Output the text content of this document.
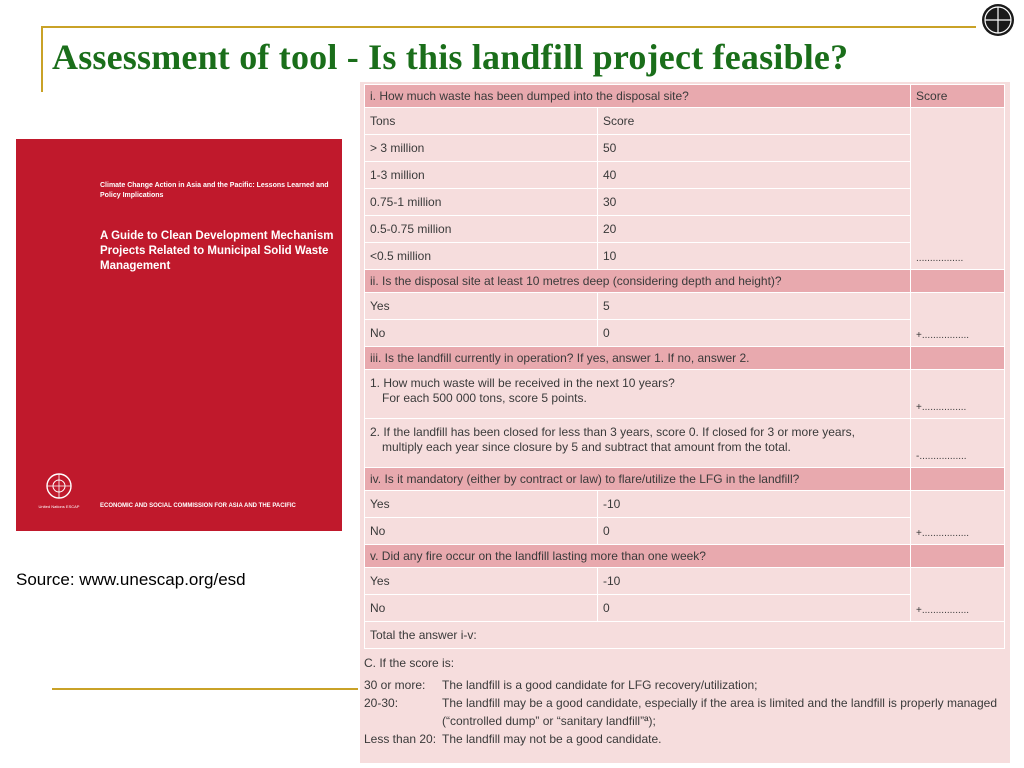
Assessment of tool - Is this landfill project feasible?
Climate Change Action in Asia and the Pacific: Lessons Learned and Policy Implications
A Guide to Clean Development Mechanism Projects Related to Municipal Solid Waste Management
United Nations ESCAP	ECONOMIC AND SOCIAL COMMISSION FOR ASIA AND THE PACIFIC
Source: www.unescap.org/esd
i. How much waste has been dumped into the disposal site?		Score
Tons	Score	.................
> 3 million	50	
1-3 million	40	
0.75-1 million	30	
0.5-0.75 million	20	
<0.5 million	10	
ii. Is the disposal site at least 10 metres deep (considering depth and height)?		
Yes	5	+.................
No	0	
iii. Is the landfill currently in operation? If yes, answer 1. If no, answer 2.		
1. How much waste will be received in the next 10 years?
For each 500 000 tons, score 5 points.		+................
2. If the landfill has been closed for less than 3 years, score 0. If closed for 3 or more years,
multiply each year since closure by 5 and subtract that amount from the total.		-.................
iv. Is it mandatory (either by contract or law) to flare/utilize the LFG in the landfill?		
Yes	-10	+.................
No	0	
v. Did any fire occur on the landfill lasting more than one week?		
Yes	-10	+.................
No	0	
Total the answer i-v:		
C. If the score is:
30 or more:	The landfill is a good candidate for LFG recovery/utilization;
20-30:	The landfill may be a good candidate, especially if the area is limited and the landfill is properly managed (“controlled dump” or “sanitary landfill”ª);
Less than 20: The landfill may not be a good candidate.
